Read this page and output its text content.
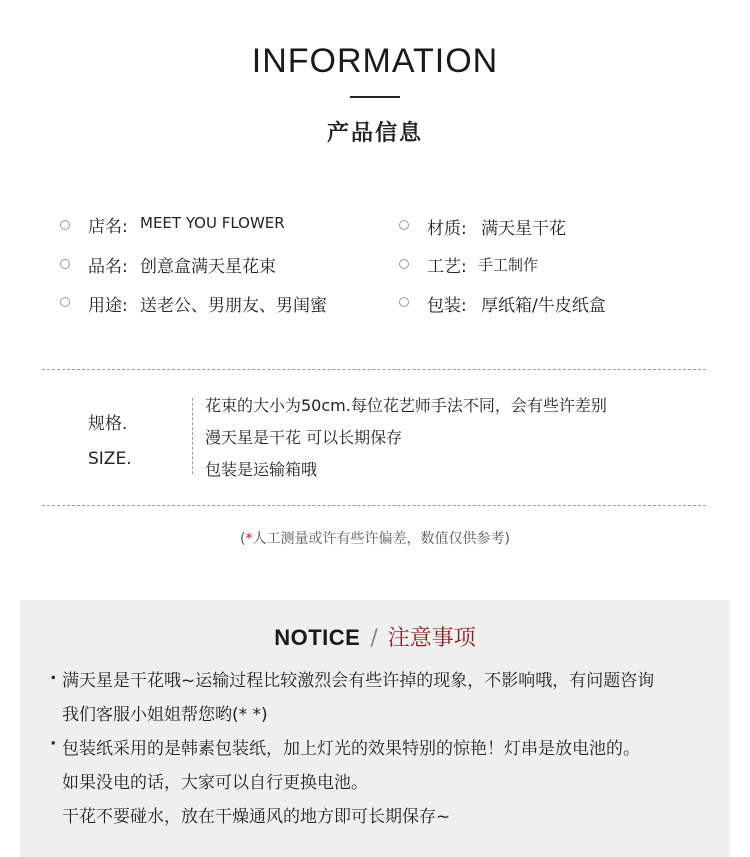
INFORMATION
产品信息
店名: MEET YOU FLOWER
品名: 创意盒满天星花束
用途: 送老公、男朋友、男闺蜜
材质: 满天星干花
工艺: 手工制作
包装: 厚纸箱/牛皮纸盒
规格.
SIZE.
花束的大小为50cm.每位花艺师手法不同，会有些许差别
漫天星是干花 可以长期保存
包装是运输箱哦
(*人工测量或许有些许偏差，数值仅供参考)
NOTICE / 注意事项
. 满天星是干花哦~运输过程比较激烈会有些许掉的现象，不影响哦，有问题咨询
我们客服小姐姐帮您哟(* *)
· 包装纸采用的是韩素包装纸，加上灯光的效果特别的惊艳！灯串是放电池的。
如果没电的话，大家可以自行更换电池。
干花不要碰水，放在干燥通风的地方即可长期保存~
